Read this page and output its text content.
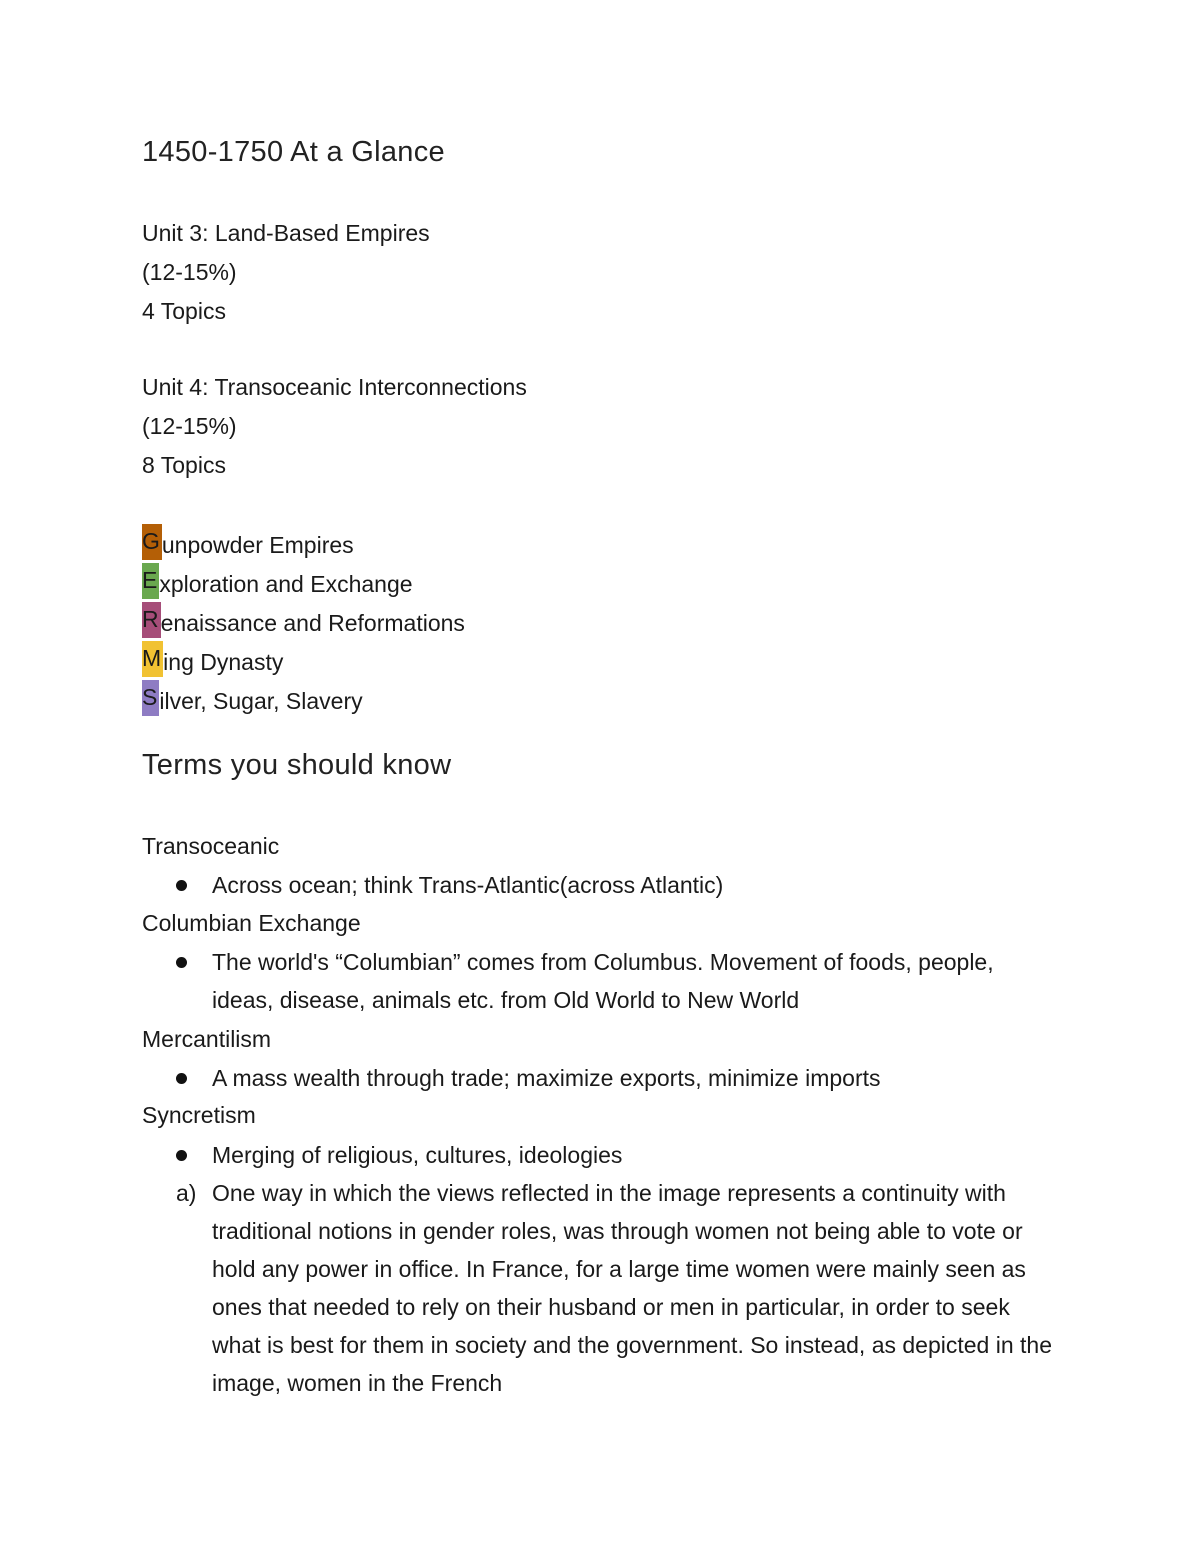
1450-1750 At a Glance
Unit 3: Land-Based Empires
(12-15%)
4 Topics
Unit 4: Transoceanic Interconnections
(12-15%)
8 Topics
Gunpowder Empires
Exploration and Exchange
Renaissance and Reformations
Ming Dynasty
Silver, Sugar, Slavery
Terms you should know
Transoceanic
Across ocean; think Trans-Atlantic(across Atlantic)
Columbian Exchange
The world's “Columbian” comes from Columbus. Movement of foods, people, ideas, disease, animals etc. from Old World to New World
Mercantilism
A mass wealth through trade; maximize exports, minimize imports
Syncretism
Merging of religious, cultures, ideologies
a) One way in which the views reflected in the image represents a continuity with traditional notions in gender roles, was through women not being able to vote or hold any power in office. In France, for a large time women were mainly seen as ones that needed to rely on their husband or men in particular, in order to seek what is best for them in society and the government. So instead, as depicted in the image, women in the French
